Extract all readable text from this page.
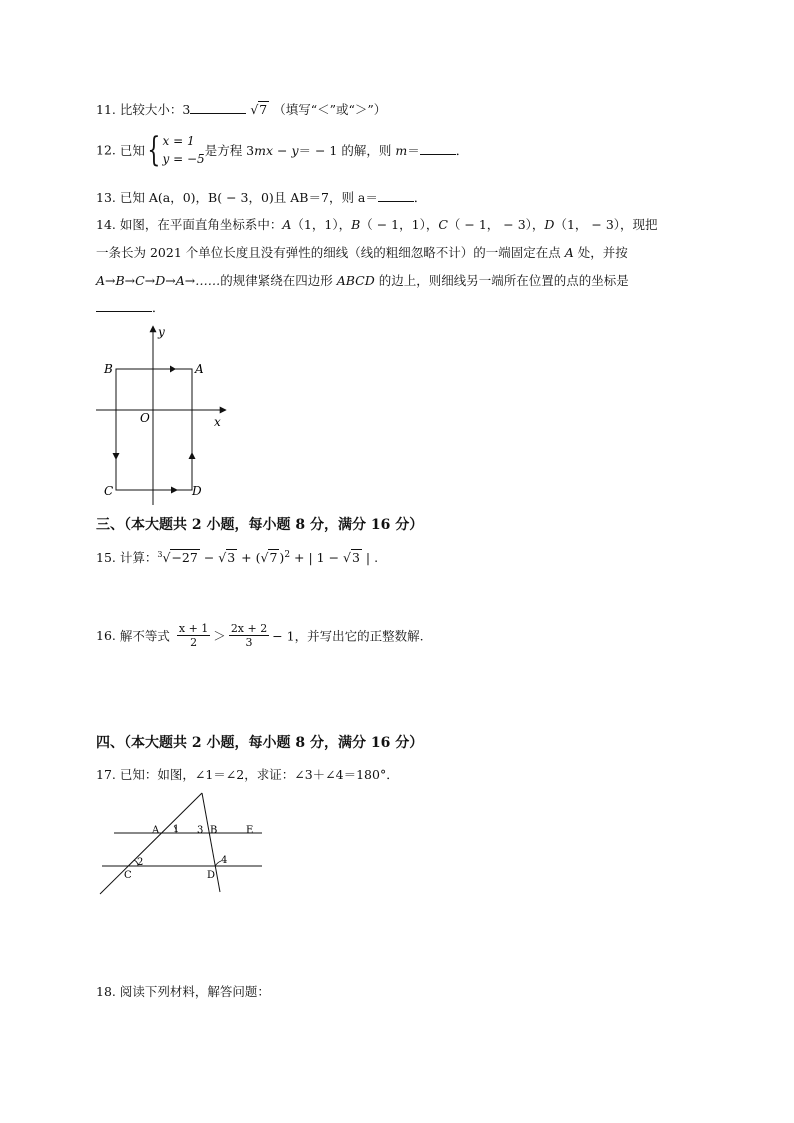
11. 比较大小：3	√7 （填写“＜”或“＞”）
12. 已知{ x = 1
y = −5是方程 3mx − y＝ − 1 的解，则 m＝	．
13. 已知 A(a，0)，B( − 3，0)且 AB＝7，则 a＝	．
14. 如图，在平面直角坐标系中：A（1，1），B（ − 1，1），C（ − 1， − 3），D（1， − 3），现把
一条长为 2021 个单位长度且没有弹性的细线（线的粗细忽略不计）的一端固定在点 A 处，并按
A→B→C→D→A→……的规律紧绕在四边形 ABCD 的边上，则细线另一端所在位置的点的坐标是
．
y
x
O
A
B
C	D
三、（本大题共 2 小题，每小题 8 分，满分 16 分）
15. 计算：$^3$√−27 − √3 + (√7 )$^2$ + | 1 − √3 | .
16. 解不等式 $\frac{x + 1}{2} > \frac{2x + 2}{3} - 1$，并写出它的正整数解.
四、（本大题共 2 小题，每小题 8 分，满分 16 分）
17. 已知：如图，∠1＝∠2，求证：∠3＋∠4＝180°．
A 1 3 B	E
2	4
C	D
18. 阅读下列材料，解答问题：
